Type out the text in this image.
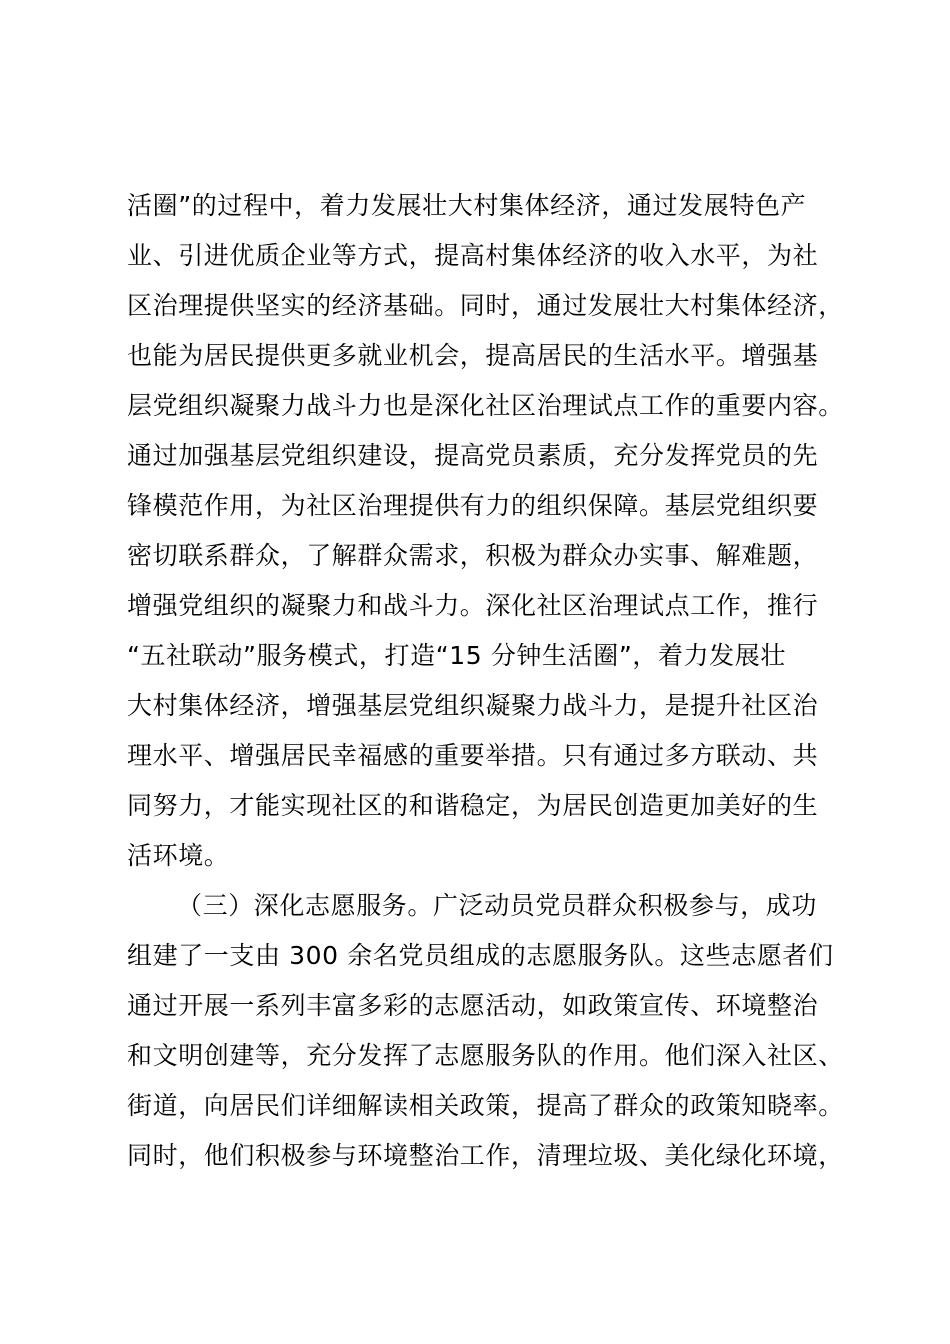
活圈”的过程中，着力发展壮大村集体经济，通过发展特色产
业、引进优质企业等方式，提高村集体经济的收入水平，为社
区治理提供坚实的经济基础。同时，通过发展壮大村集体经济，
也能为居民提供更多就业机会，提高居民的生活水平。增强基
层党组织凝聚力战斗力也是深化社区治理试点工作的重要内容。
通过加强基层党组织建设，提高党员素质，充分发挥党员的先
锋模范作用，为社区治理提供有力的组织保障。基层党组织要
密切联系群众，了解群众需求，积极为群众办实事、解难题，
增强党组织的凝聚力和战斗力。深化社区治理试点工作，推行
“五社联动”服务模式，打造“15 分钟生活圈”，着力发展壮
大村集体经济，增强基层党组织凝聚力战斗力，是提升社区治
理水平、增强居民幸福感的重要举措。只有通过多方联动、共
同努力，才能实现社区的和谐稳定，为居民创造更加美好的生
活环境。
（三）深化志愿服务。广泛动员党员群众积极参与，成功
组建了一支由 300 余名党员组成的志愿服务队。这些志愿者们
通过开展一系列丰富多彩的志愿活动，如政策宣传、环境整治
和文明创建等，充分发挥了志愿服务队的作用。他们深入社区、
街道，向居民们详细解读相关政策，提高了群众的政策知晓率。
同时，他们积极参与环境整治工作，清理垃圾、美化绿化环境，
